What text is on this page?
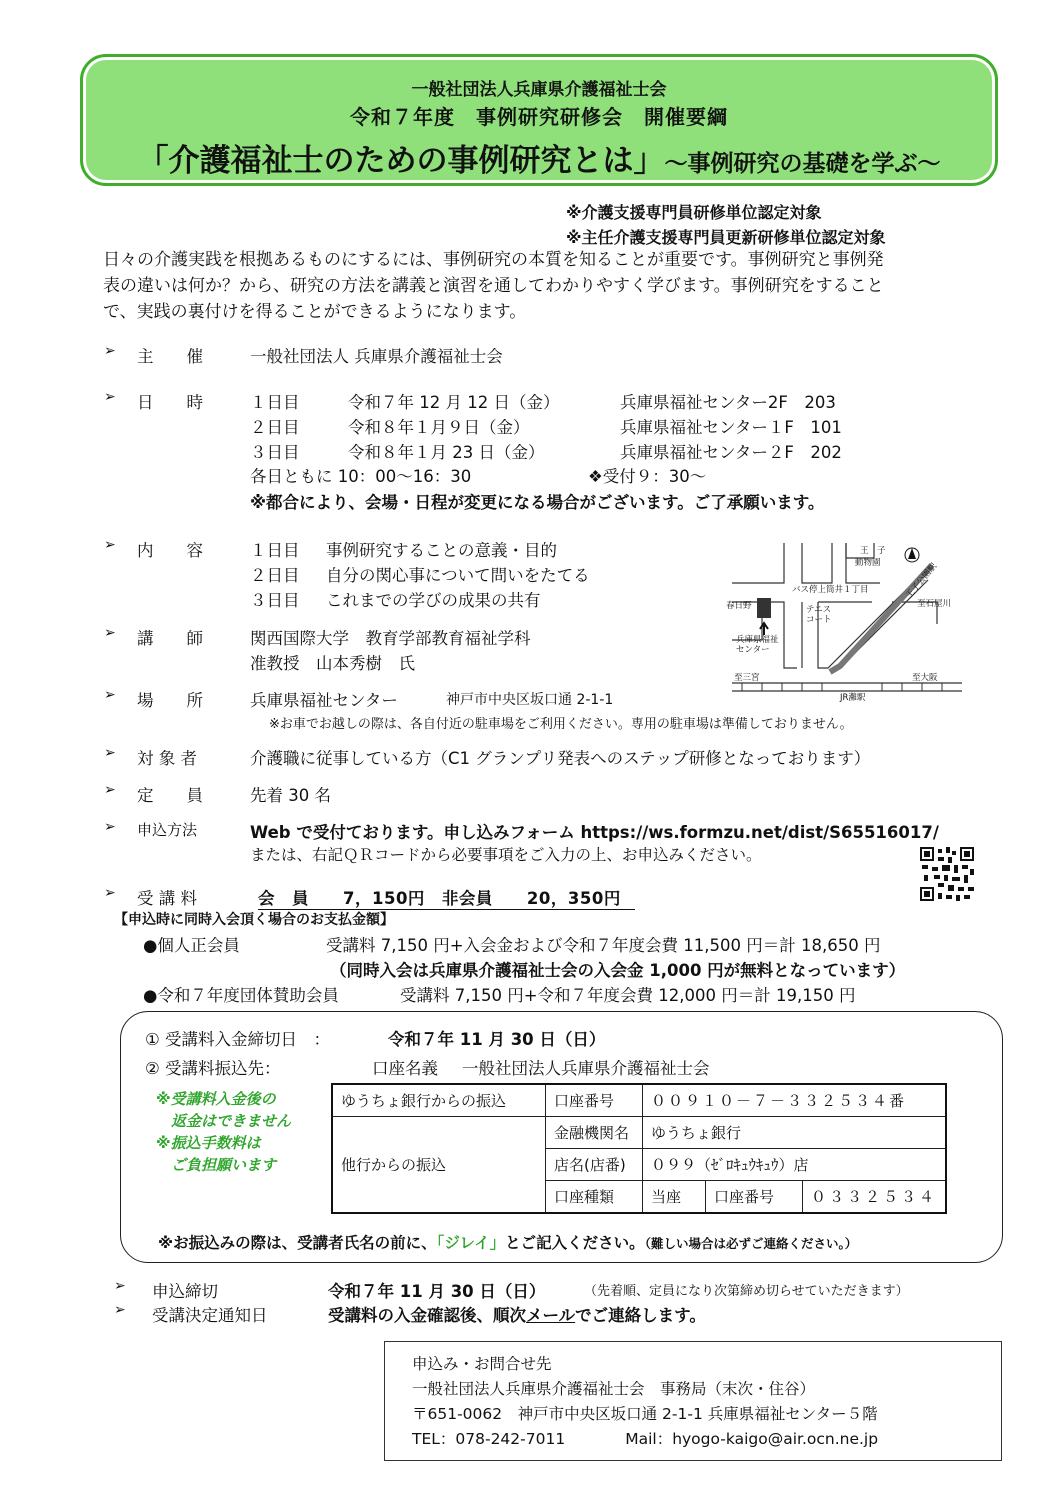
一般社団法人兵庫県介護福祉士会
令和７年度　事例研究研修会　開催要綱
「介護福祉士のための事例研究とは」～事例研究の基礎を学ぶ～
※介護支援専門員研修単位認定対象
※主任介護支援専門員更新研修単位認定対象
日々の介護実践を根拠あるものにするには、事例研究の本質を知ることが重要です。事例研究と事例発
表の違いは何か？から、研究の方法を講義と演習を通してわかりやすく学びます。事例研究をすること
で、実践の裏付けを得ることができるようになります。
➢ 主　　催	一般社団法人 兵庫県介護福祉士会
➢ 日　　時	１日目	令和７年 12 月 12 日（金）	兵庫県福祉センター2F　203
２日目	令和８年１月９日（金）	兵庫県福祉センター１F　101
３日目	令和８年１月 23 日（金）	兵庫県福祉センター２F　202
各日ともに 10：00～16：30	❖受付９：30～
※都合により、会場・日程が変更になる場合がございます。ご了承願います。
➢ 内　　容	１日目 事例研究することの意義・目的
２日目 自分の関心事について問いをたてる
３日目 これまでの学びの成果の共有
➢ 講　　師	関西国際大学　教育学部教育福祉学科
准教授　山本秀樹　氏
➢ 場　　所	兵庫県福祉センター	神戸市中央区坂口通 2-1-1
※お車でお越しの際は、各自付近の駐車場をご利用ください。専用の駐車場は準備しておりません。
王　子
動物園
バス停上筒井１丁目	王子公園駅
春日野	テニス
コート
兵庫県福祉
センター
至三宮
JR灘駅
至大阪
至石屋川
➢ 対 象 者	介護職に従事している方（C1 グランプリ発表へのステップ研修となっております）
➢ 定　　員	先着 30 名
➢ 申込方法	Web で受付ております。申し込みフォーム https://ws.formzu.net/dist/S65516017/
または、右記ＱＲコードから必要事項をご入力の上、お申込みください。
➢ 受 講 料	会　員　　7，150円　非会員　　20，350円
【申込時に同時入会頂く場合のお支払金額】
●個人正会員	受講料 7,150 円+入会金および令和７年度会費 11,500 円＝計 18,650 円
（同時入会は兵庫県介護福祉士会の入会金 1,000 円が無料となっています）
●令和７年度団体賛助会員	受講料 7,150 円+令和７年度会費 12,000 円＝計 19,150 円
① 受講料入金締切日　：	令和７年 11 月 30 日（日）
② 受講料振込先：	口座名義 一般社団法人兵庫県介護福祉士会
※受講料入金後の
　返金はできません
※振込手数料は
　ご負担願います
ゆうちょ銀行からの振込	口座番号	００９１０－７－３３２５３４番		
他行からの振込	金融機関名	ゆうちょ銀行		
	店名(店番)	０９９（ｾﾞﾛｷｭｳｷｭｳ）店		
	口座種類	当座	口座番号	０３３２５３４
※お振込みの際は、受講者氏名の前に、「ジレイ」とご記入ください。（難しい場合は必ずご連絡ください。）
➢ 申込締切	令和７年 11 月 30 日（日）	（先着順、定員になり次第締め切らせていただきます）
➢ 受講決定通知日	受講料の入金確認後、順次メールでご連絡します。
申込み・お問合せ先
一般社団法人兵庫県介護福祉士会　事務局（末次・住谷）
〒651-0062　神戸市中央区坂口通 2-1-1 兵庫県福祉センター５階
TEL：078-242-7011	Mail：hyogo-kaigo@air.ocn.ne.jp
